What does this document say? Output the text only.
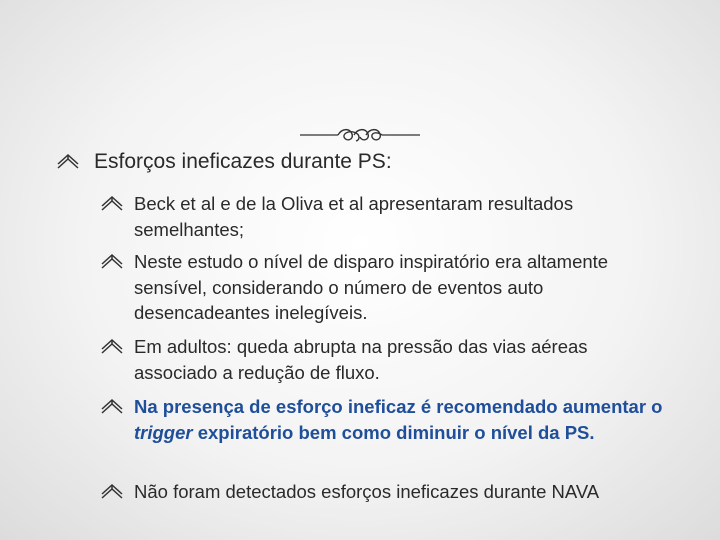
Esforços ineficazes durante PS:
Beck et al e de la Oliva et al apresentaram resultados semelhantes;
Neste estudo o nível de disparo inspiratório era altamente sensível, considerando o número de eventos auto desencadeantes inelegíveis.
Em adultos: queda abrupta na pressão das vias aéreas associado a redução de fluxo.
Na presença de esforço ineficaz é recomendado aumentar o trigger expiratório bem como diminuir o nível da PS.
Não foram detectados esforços ineficazes durante NAVA
